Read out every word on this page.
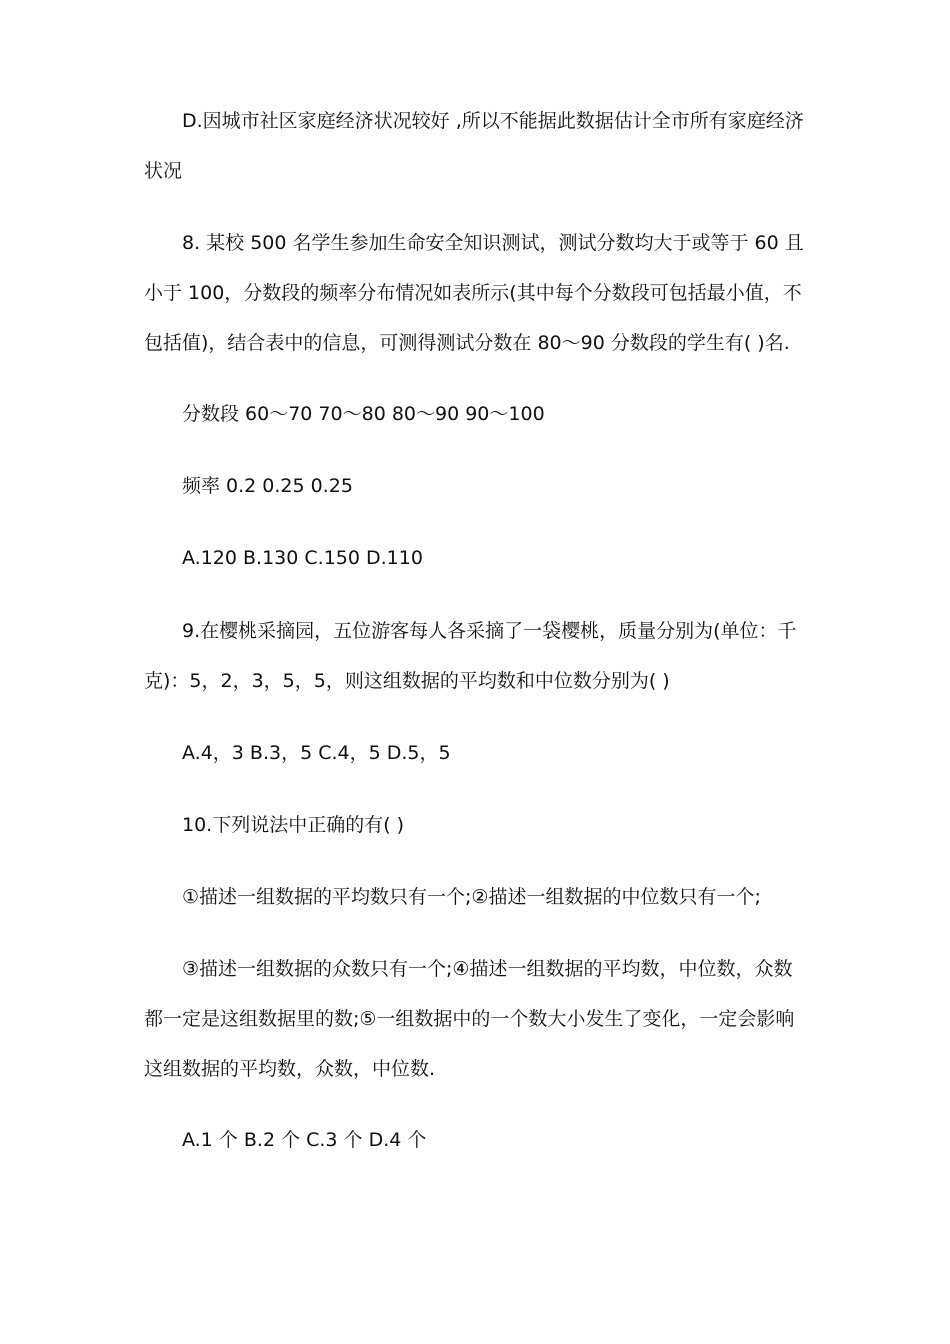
D.因城市社区家庭经济状况较好 ,所以不能据此数据估计全市所有家庭经济

状况

8. 某校 500 名学生参加生命安全知识测试，测试分数均大于或等于 60 且

小于 100，分数段的频率分布情况如表所示(其中每个分数段可包括最小值，不

包括值)，结合表中的信息，可测得测试分数在 80～90 分数段的学生有( )名.

分数段 60～70 70～80 80～90 90～100

频率 0.2 0.25 0.25

A.120 B.130 C.150 D.110

9.在樱桃采摘园，五位游客每人各采摘了一袋樱桃，质量分别为(单位：千

克)：5，2，3，5，5，则这组数据的平均数和中位数分别为( )

A.4，3 B.3，5 C.4，5 D.5，5

10.下列说法中正确的有( )

①描述一组数据的平均数只有一个;②描述一组数据的中位数只有一个;

③描述一组数据的众数只有一个;④描述一组数据的平均数，中位数，众数

都一定是这组数据里的数;⑤一组数据中的一个数大小发生了变化，一定会影响

这组数据的平均数，众数，中位数.

A.1 个 B.2 个 C.3 个 D.4 个
